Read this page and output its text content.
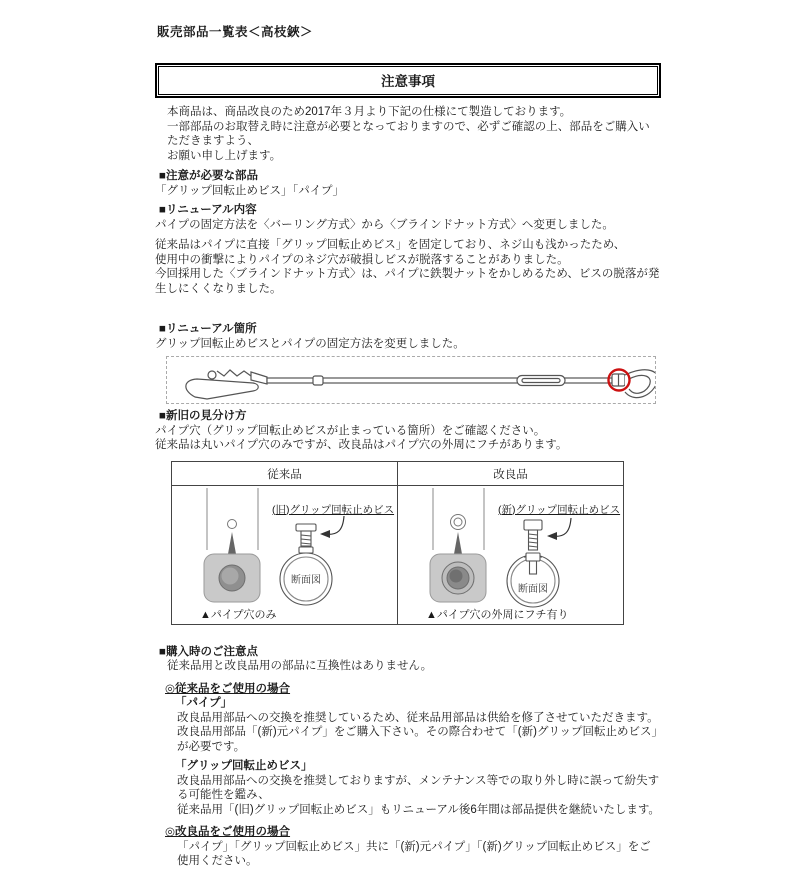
販売部品一覧表＜高枝鋏＞
注意事項

本商品は、商品改良のため2017年３月より下記の仕様にて製造しております。

一部部品のお取替え時に注意が必要となっておりますので、必ずご確認の上、部品をご購入いただきますよう、

お願い申し上げます。

■注意が必要な部品

「グリップ回転止めビス」「パイプ」

■リニューアル内容

パイプの固定方法を〈バーリング方式〉から〈ブラインドナット方式〉へ変更しました。

従来品はパイプに直接「グリップ回転止めビス」を固定しており、ネジ山も浅かったため、

使用中の衝撃によりパイプのネジ穴が破損しビスが脱落することがありました。

今回採用した〈ブラインドナット方式〉は、パイプに鉄製ナットをかしめるため、ビスの脱落が発生しにくくなりました。

■リニューアル箇所

グリップ回転止めビスとパイプの固定方法を変更しました。

■新旧の見分け方

パイプ穴（グリップ回転止めビスが止まっている箇所）をご確認ください。

従来品は丸いパイプ穴のみですが、改良品はパイプ穴の外周にフチがあります。

従来品	改良品
断面図
(旧)グリップ回転止めビス
▲パイプ穴のみ
断面図
(新)グリップ回転止めビス
▲パイプ穴の外周にフチ有り

■購入時のご注意点

従来品用と改良品用の部品に互換性はありません。

◎従来品をご使用の場合

「パイプ」

改良品用部品への交換を推奨しているため、従来品用部品は供給を修了させていただきます。

改良品用部品「(新)元パイプ」をご購入下さい。その際合わせて「(新)グリップ回転止めビス」が必要です。

「グリップ回転止めビス」

改良品用部品への交換を推奨しておりますが、メンテナンス等での取り外し時に誤って紛失する可能性を鑑み、

従来品用「(旧)グリップ回転止めビス」もリニューアル後6年間は部品提供を継続いたします。

◎改良品をご使用の場合

「パイプ」「グリップ回転止めビス」共に「(新)元パイプ」「(新)グリップ回転止めビス」をご使用ください。
